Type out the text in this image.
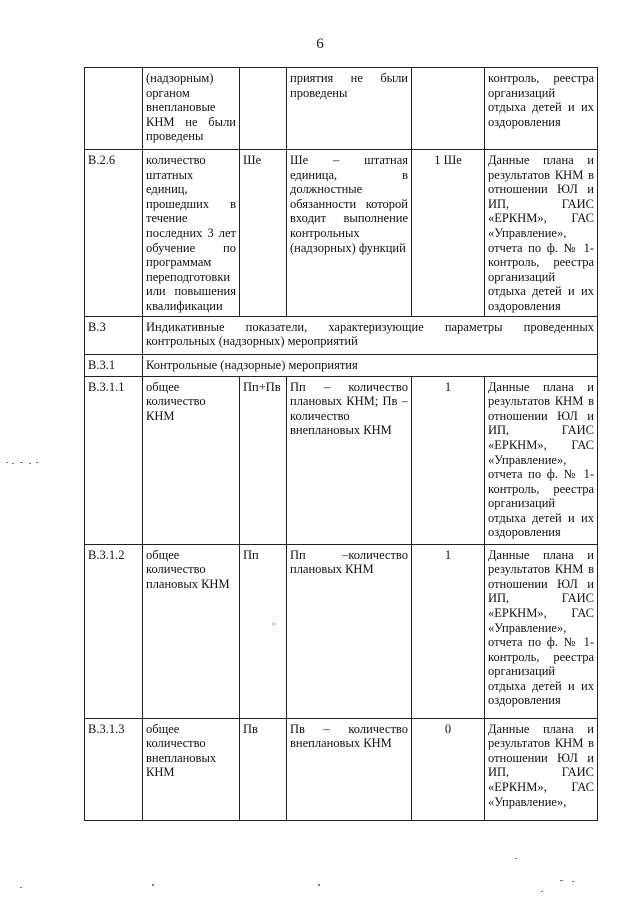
6
	(надзорным) органом внеплановые КНМ не были проведены		приятия не были проведены		контроль, реестра организаций отдыха детей и их оздоровления
В.2.6	количество штатных единиц, прошедших в течение последних 3 лет обучение по программам переподготовки или повышения квалификации	Ше	Ше – штатная единица, в должностные обязанности которой входит выполнение контрольных (надзорных) функций	1 Ше	Данные плана и результатов КНМ в отношении ЮЛ и ИП, ГАИС «ЕРКНМ», ГАС «Управление», отчета по ф. № 1-контроль, реестра организаций отдыха детей и их оздоровления
В.3	Индикативные показатели, характеризующие параметры проведенных контрольных (надзорных) мероприятий				
В.3.1	Контрольные (надзорные) мероприятия				
В.3.1.1	общее количество КНМ	Пп+Пв	Пп – количество плановых КНМ; Пв – количество внеплановых КНМ	1	Данные плана и результатов КНМ в отношении ЮЛ и ИП, ГАИС «ЕРКНМ», ГАС «Управление», отчета по ф. № 1-контроль, реестра организаций отдыха детей и их оздоровления
В.3.1.2	общее количество плановых КНМ	Пп	Пп –количество плановых КНМ	1	Данные плана и результатов КНМ в отношении ЮЛ и ИП, ГАИС «ЕРКНМ», ГАС «Управление», отчета по ф. № 1-контроль, реестра организаций отдыха детей и их оздоровления
В.3.1.3	общее количество внеплановых КНМ	Пв	Пв – количество внеплановых КНМ	0	Данные плана и результатов КНМ в отношении ЮЛ и ИП, ГАИС «ЕРКНМ», ГАС «Управление»,
